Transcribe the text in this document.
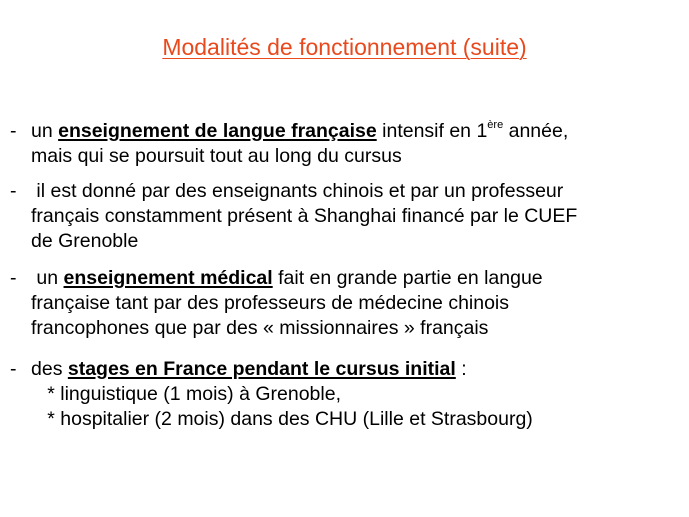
Modalités de fonctionnement (suite)
- un enseignement de langue française intensif en 1ère année,
mais qui se poursuit tout au long du cursus
- il est donné par des enseignants chinois et par un professeur
français constamment présent à Shanghai financé par le CUEF
de Grenoble
- un enseignement médical fait en grande partie en langue
française tant par des professeurs de médecine chinois
francophones que par des « missionnaires » français
- des stages en France pendant le cursus initial :
* linguistique (1 mois) à Grenoble,
* hospitalier (2 mois) dans des CHU (Lille et Strasbourg)
